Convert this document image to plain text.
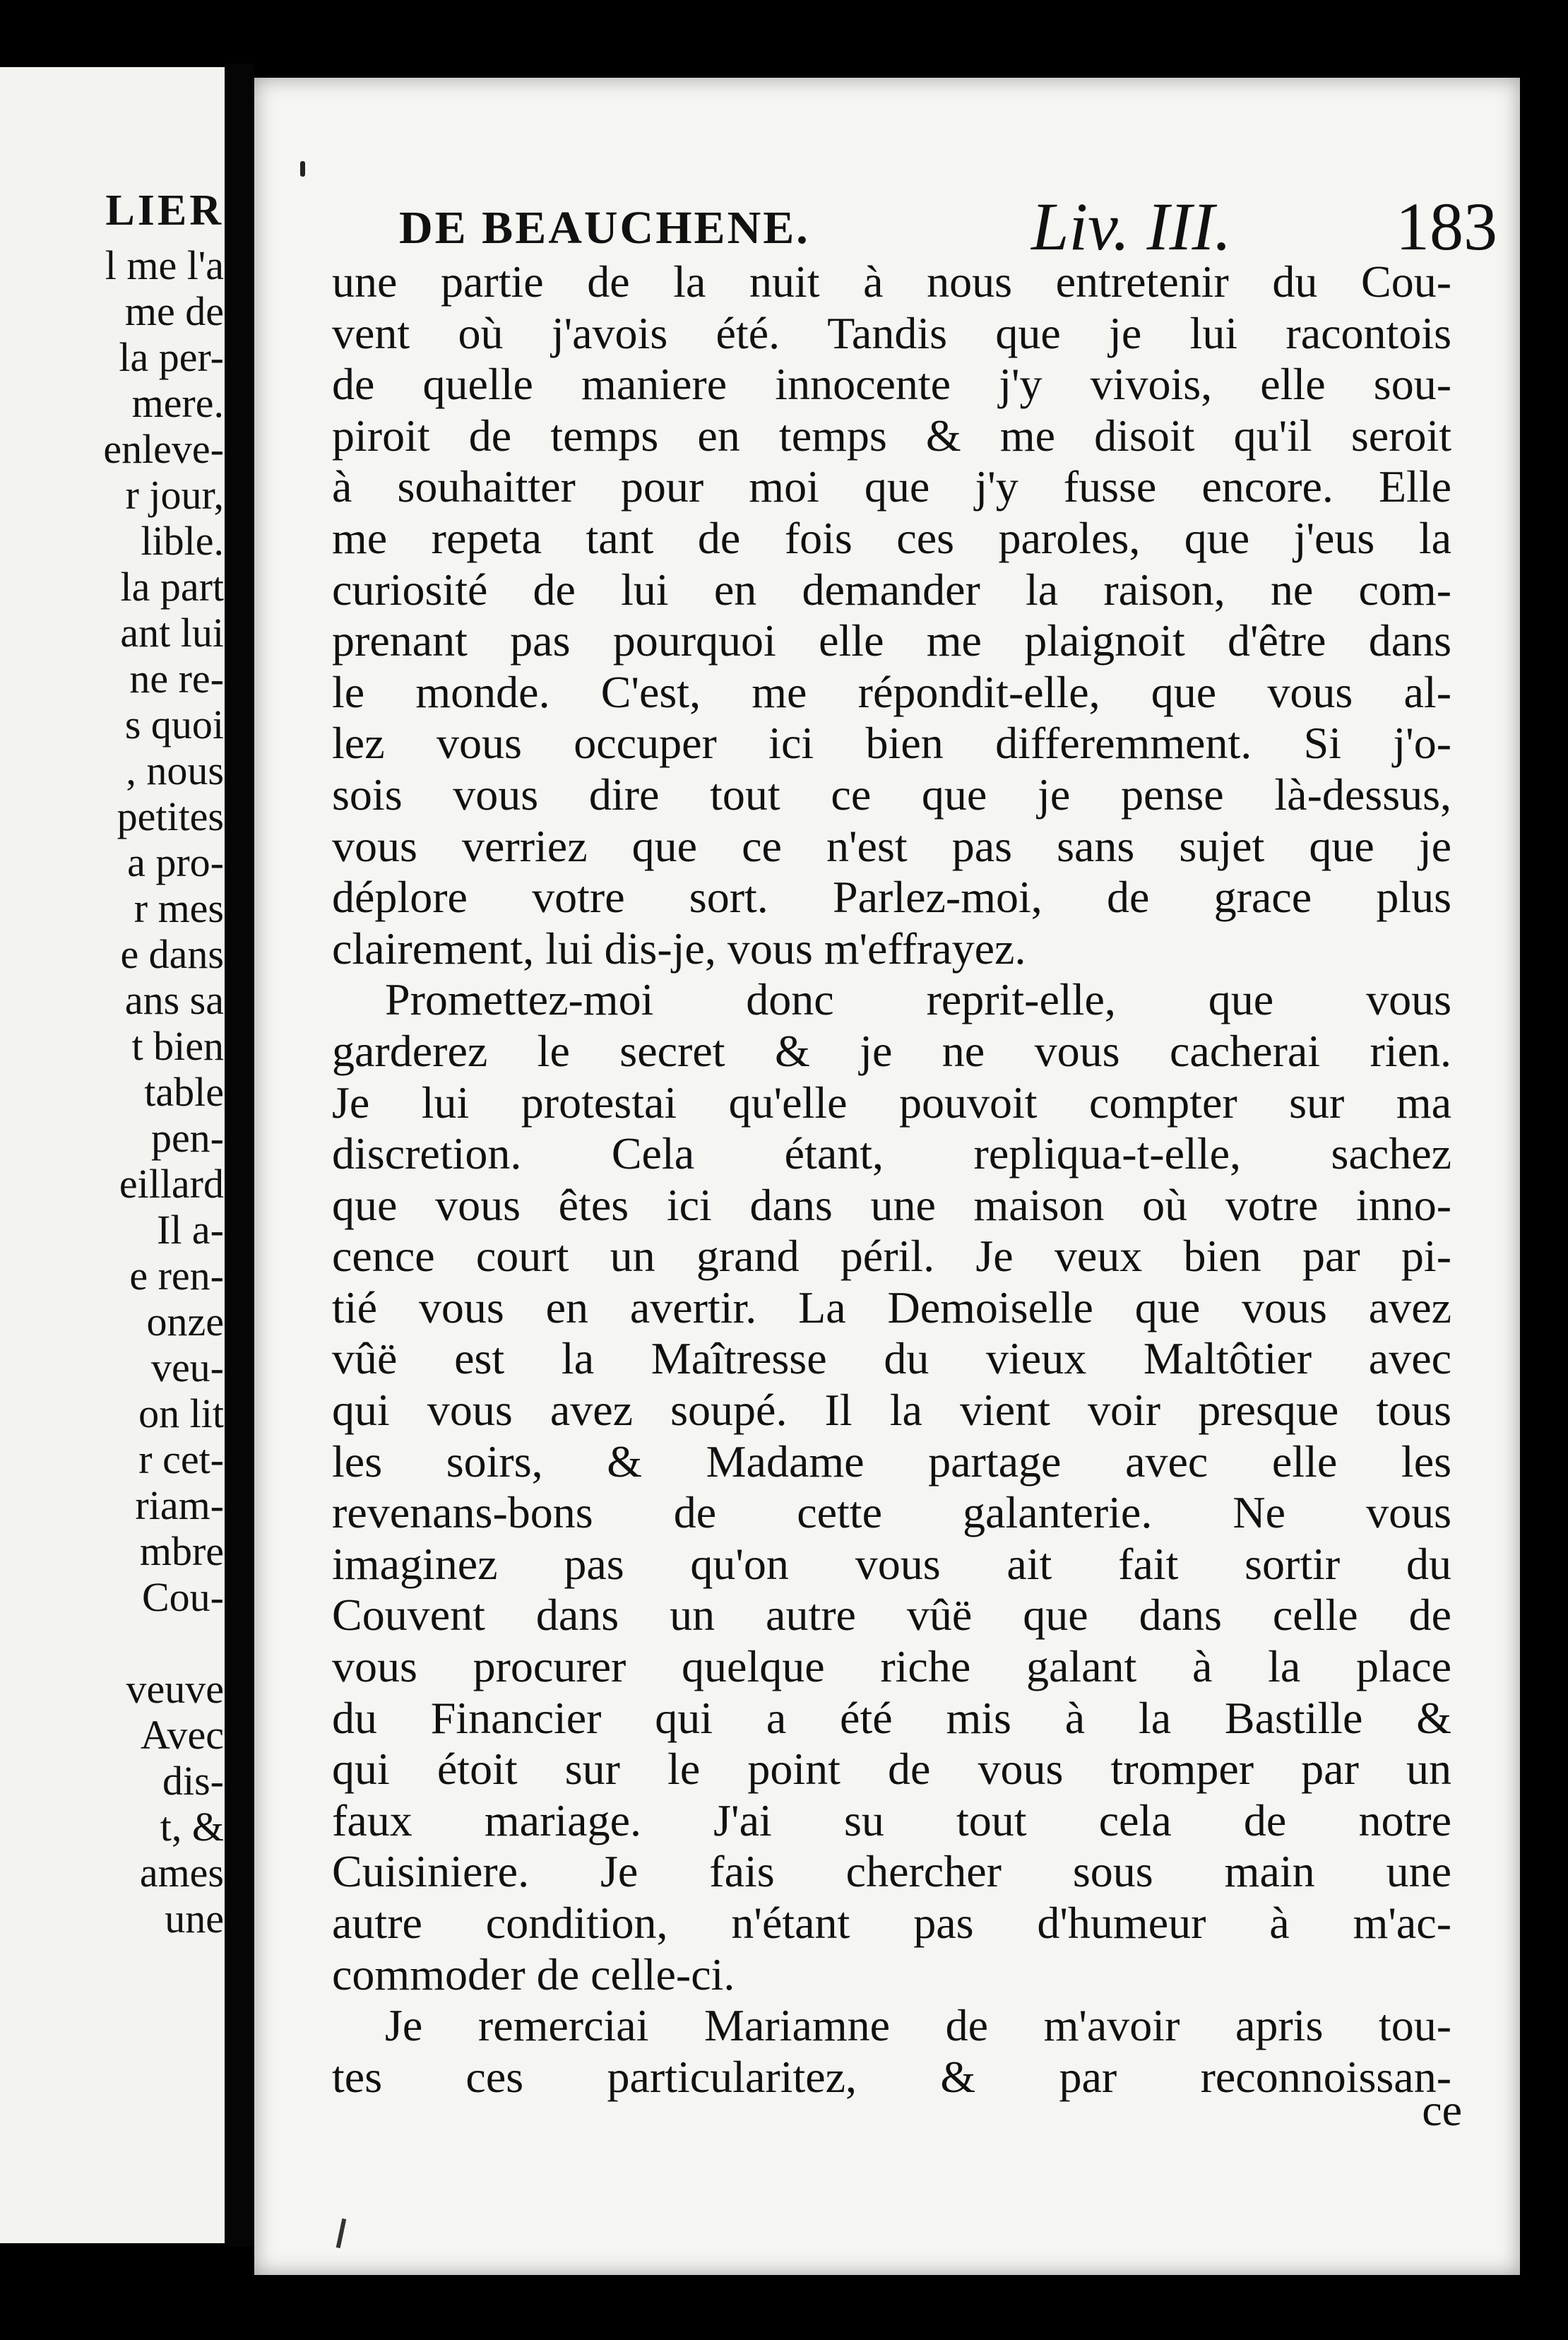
LIER
l me l'a
me de
la per-
mere.
enleve-
r jour,
lible.
la part
ant lui
ne re-
s quoi
, nous
petites
a pro-
r mes
e dans
ans sa
t bien
table
pen-
eillard
Il a-
e ren-
onze
veu-
on lit
r cet-
riam-
mbre
Cou-
veuve
Avec
dis-
t, &
ames
une
DE BEAUCHENE.	Liv. III. 183
une partie de la nuit à nous entretenir du Cou-
vent où j'avois été. Tandis que je lui racontois
de quelle maniere innocente j'y vivois, elle sou-
piroit de temps en temps & me disoit qu'il seroit
à souhaitter pour moi que j'y fusse encore. Elle
me repeta tant de fois ces paroles, que j'eus la
curiosité de lui en demander la raison, ne com-
prenant pas pourquoi elle me plaignoit d'être dans
le monde. C'est, me répondit-elle, que vous al-
lez vous occuper ici bien differemment. Si j'o-
sois vous dire tout ce que je pense là-dessus,
vous verriez que ce n'est pas sans sujet que je
déplore votre sort. Parlez-moi, de grace plus
clairement, lui dis-je, vous m'effrayez.
Promettez-moi donc reprit-elle, que vous
garderez le secret & je ne vous cacherai rien.
Je lui protestai qu'elle pouvoit compter sur ma
discretion. Cela étant, repliqua-t-elle, sachez
que vous êtes ici dans une maison où votre inno-
cence court un grand péril. Je veux bien par pi-
tié vous en avertir. La Demoiselle que vous avez
vûë est la Maîtresse du vieux Maltôtier avec
qui vous avez soupé. Il la vient voir presque tous
les soirs, & Madame partage avec elle les
revenans-bons de cette galanterie. Ne vous
imaginez pas qu'on vous ait fait sortir du
Couvent dans un autre vûë que dans celle de
vous procurer quelque riche galant à la place
du Financier qui a été mis à la Bastille &
qui étoit sur le point de vous tromper par un
faux mariage. J'ai su tout cela de notre
Cuisiniere. Je fais chercher sous main une
autre condition, n'étant pas d'humeur à m'ac-
commoder de celle-ci.
Je remerciai Mariamne de m'avoir apris tou-
tes ces particularitez, & par reconnoissan-
ce
